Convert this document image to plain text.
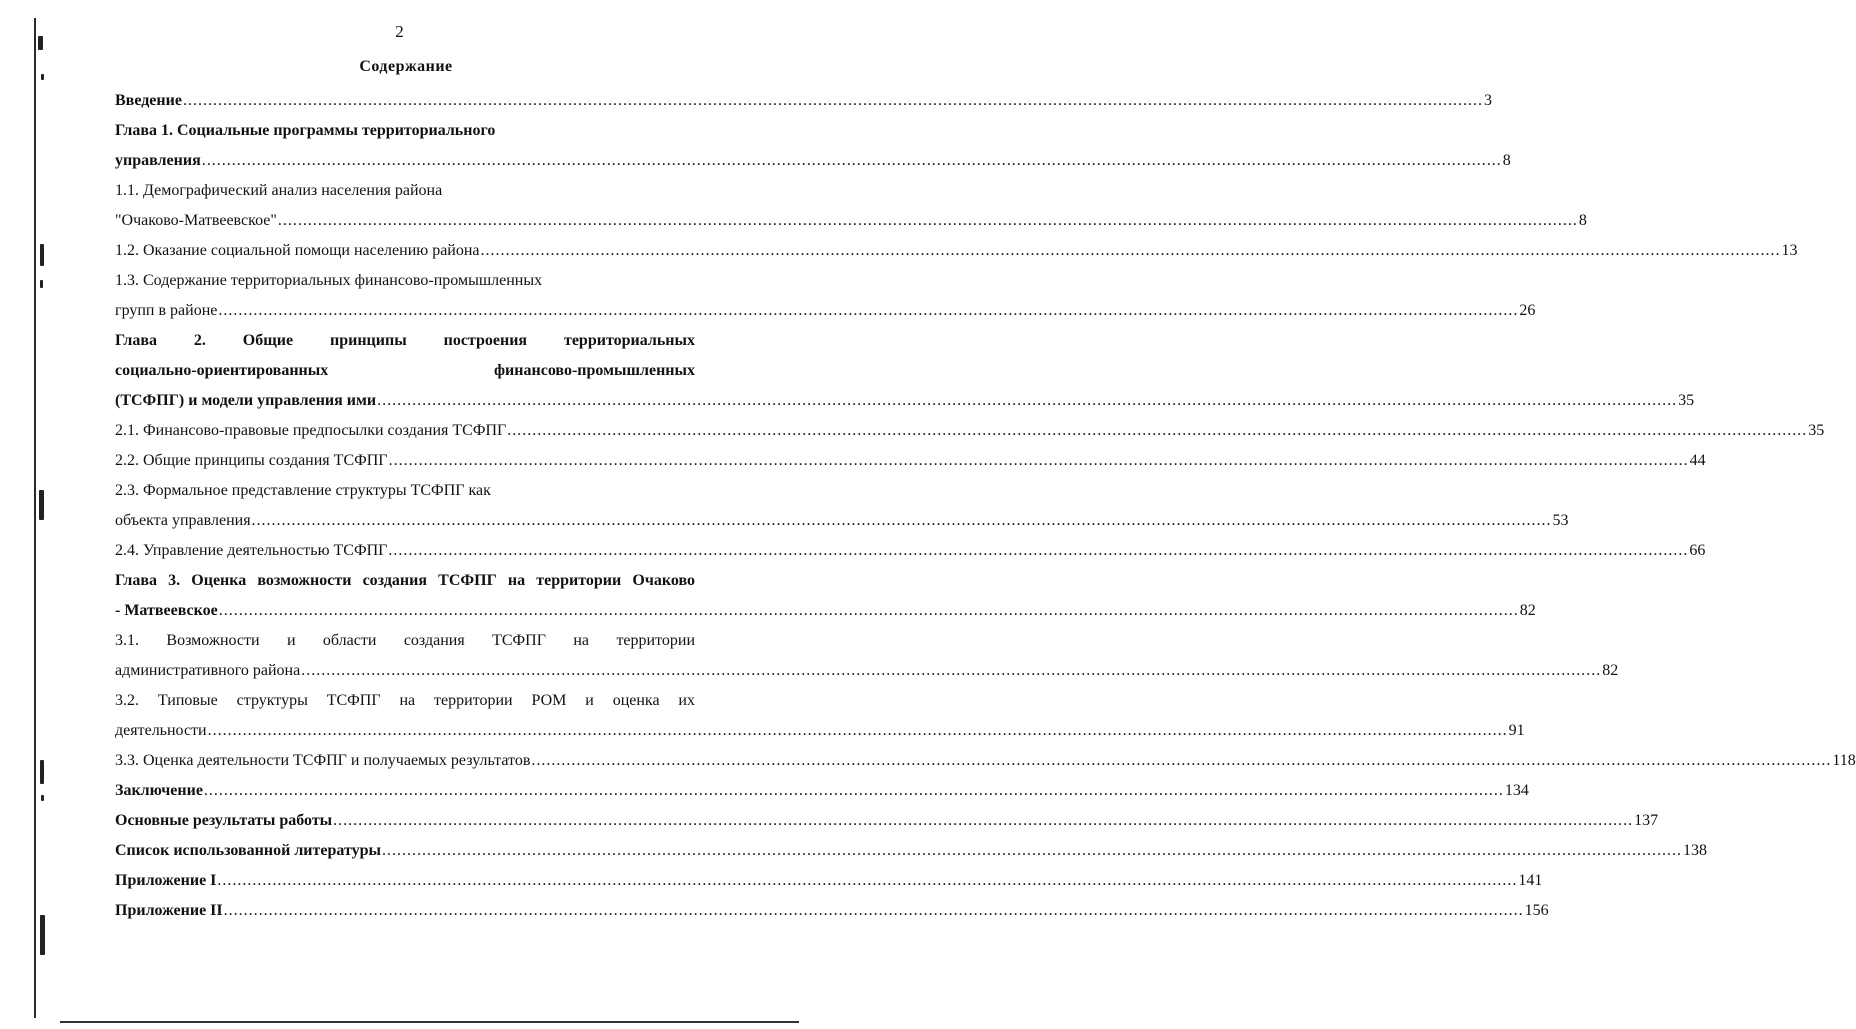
2
Содержание
Введение .................................................................................................................................................................................................................................................................... 3
Глава 1. Социальные программы территориального
управления .................................................................................................................................................................................................................................................................... 8
1.1. Демографический анализ населения района
"Очаково-Матвеевское" .................................................................................................................................................................................................................................................................... 8
1.2. Оказание социальной помощи населению района .................................................................................................................................................................................................................................................................... 13
1.3. Содержание территориальных финансово-промышленных
групп в районе .................................................................................................................................................................................................................................................................... 26
Глава 2. Общие принципы построения территориальных
социально-ориентированных финансово-промышленных
(ТСФПГ) и модели управления ими .................................................................................................................................................................................................................................................................... 35
2.1. Финансово-правовые предпосылки создания ТСФПГ .................................................................................................................................................................................................................................................................... 35
2.2. Общие принципы создания ТСФПГ .................................................................................................................................................................................................................................................................... 44
2.3. Формальное представление структуры ТСФПГ как
объекта управления .................................................................................................................................................................................................................................................................... 53
2.4. Управление деятельностью ТСФПГ .................................................................................................................................................................................................................................................................... 66
Глава 3. Оценка возможности создания ТСФПГ на территории Очаково
- Матвеевское .................................................................................................................................................................................................................................................................... 82
3.1. Возможности и области создания ТСФПГ на территории
административного района .................................................................................................................................................................................................................................................................... 82
3.2. Типовые структуры ТСФПГ на территории РОМ и оценка их
деятельности .................................................................................................................................................................................................................................................................... 91
3.3. Оценка деятельности ТСФПГ и получаемых результатов .................................................................................................................................................................................................................................................................... 118
Заключение .................................................................................................................................................................................................................................................................... 134
Основные результаты работы .................................................................................................................................................................................................................................................................... 137
Список использованной литературы .................................................................................................................................................................................................................................................................... 138
Приложение I .................................................................................................................................................................................................................................................................... 141
Приложение II .................................................................................................................................................................................................................................................................... 156
